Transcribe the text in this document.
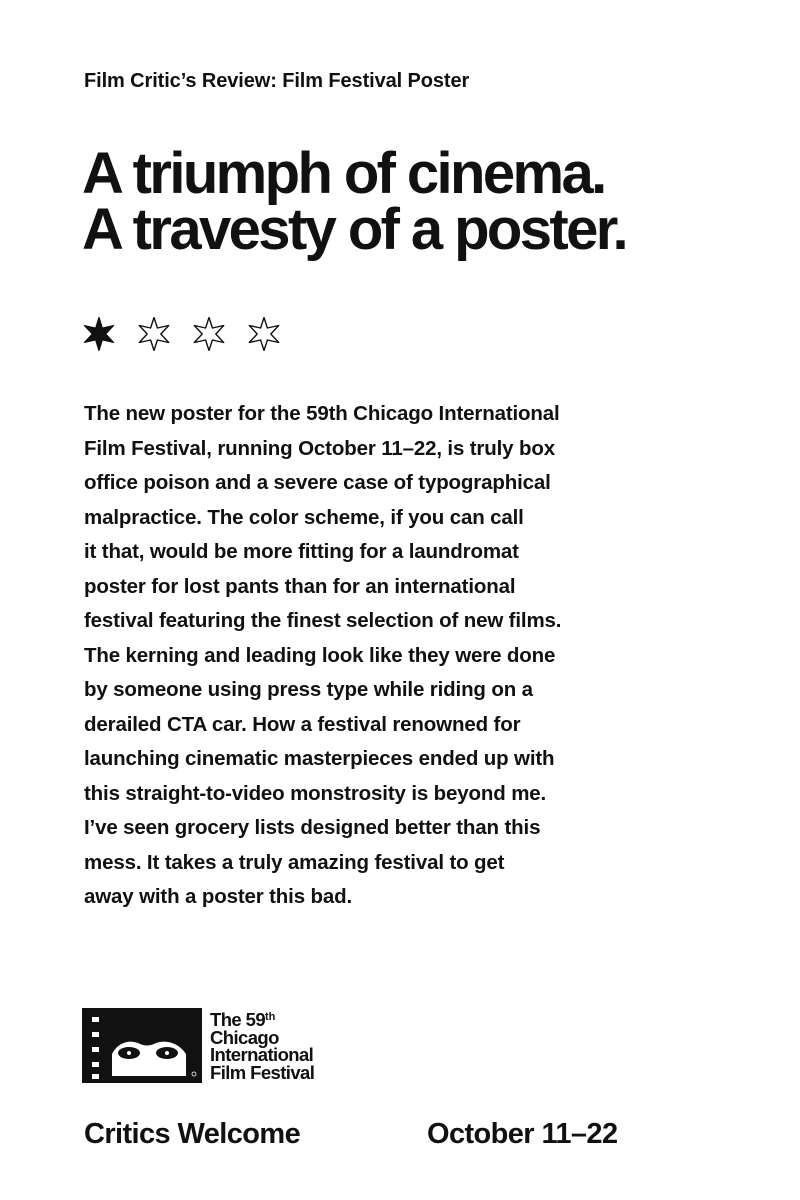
Film Critic’s Review: Film Festival Poster
A triumph of cinema.
A travesty of a poster.

The new poster for the 59th Chicago International
Film Festival, running October 11–22, is truly box
office poison and a severe case of typographical
malpractice. The color scheme, if you can call
it that, would be more fitting for a laundromat
poster for lost pants than for an international
festival featuring the finest selection of new films.
The kerning and leading look like they were done
by someone using press type while riding on a
derailed CTA car. How a festival renowned for
launching cinematic masterpieces ended up with
this straight-to-video monstrosity is beyond me.
I’ve seen grocery lists designed better than this
mess. It takes a truly amazing festival to get
away with a poster this bad.

The 59th
Chicago
International
Film Festival
Critics Welcome	October 11–22
